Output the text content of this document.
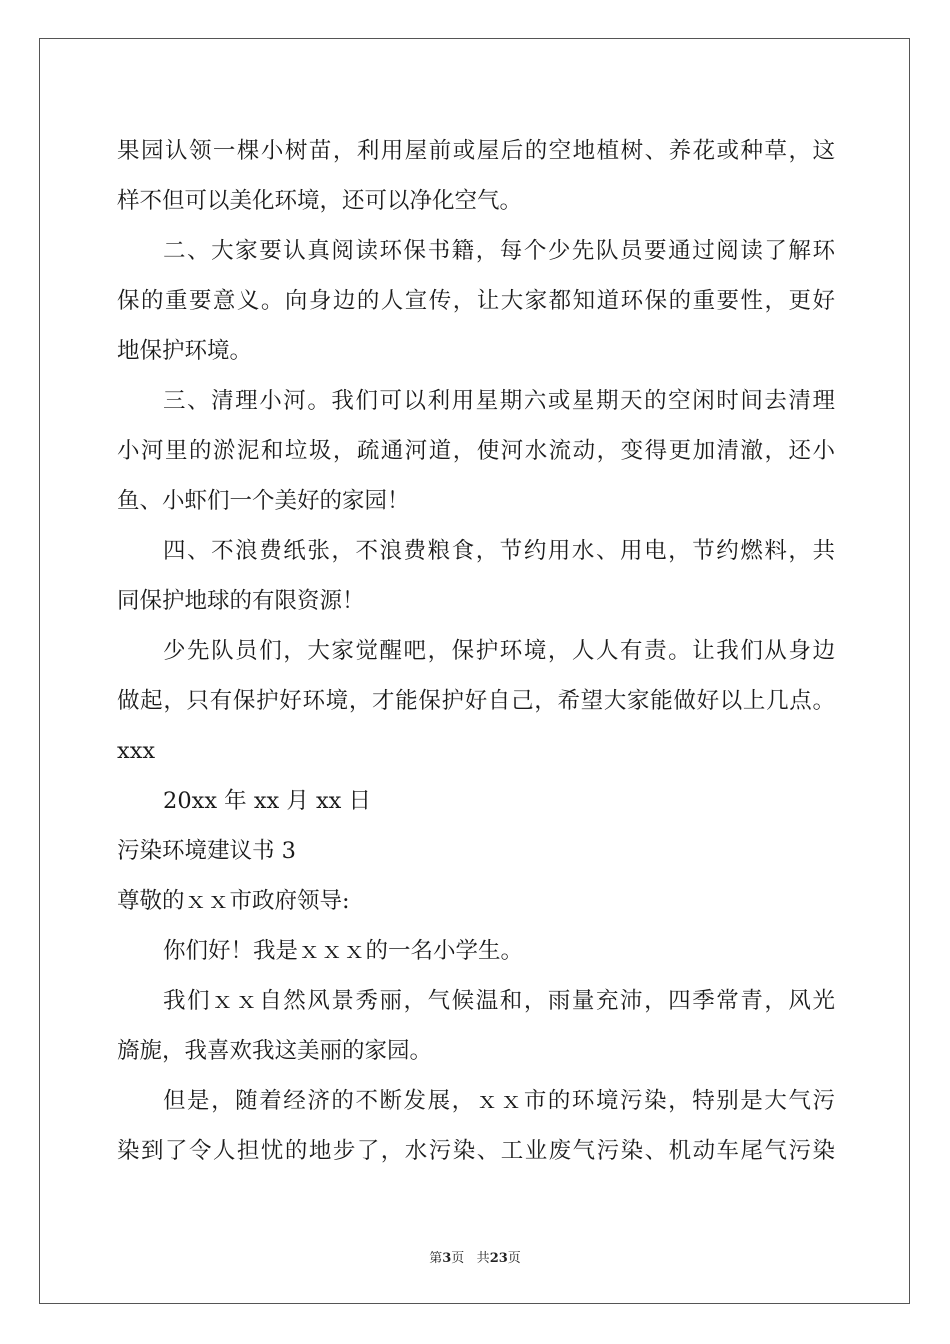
果园认领一棵小树苗，利用屋前或屋后的空地植树、养花或种草，这
样不但可以美化环境，还可以净化空气。
二、大家要认真阅读环保书籍，每个少先队员要通过阅读了解环
保的重要意义。向身边的人宣传，让大家都知道环保的重要性，更好
地保护环境。
三、清理小河。我们可以利用星期六或星期天的空闲时间去清理
小河里的淤泥和垃圾，疏通河道，使河水流动，变得更加清澈，还小
鱼、小虾们一个美好的家园！
四、不浪费纸张，不浪费粮食，节约用水、用电，节约燃料，共
同保护地球的有限资源！
少先队员们，大家觉醒吧，保护环境，人人有责。让我们从身边
做起，只有保护好环境，才能保护好自己，希望大家能做好以上几点。
xxx
20xx 年 xx 月 xx 日
污染环境建议书 3
尊敬的ｘｘ市政府领导:
你们好！我是ｘｘｘ的一名小学生。
我们ｘｘ自然风景秀丽，气候温和，雨量充沛，四季常青，风光
旖旎，我喜欢我这美丽的家园。
但是，随着经济的不断发展，ｘｘ市的环境污染，特别是大气污
染到了令人担忧的地步了，水污染、工业废气污染、机动车尾气污染
第3页 共23页
